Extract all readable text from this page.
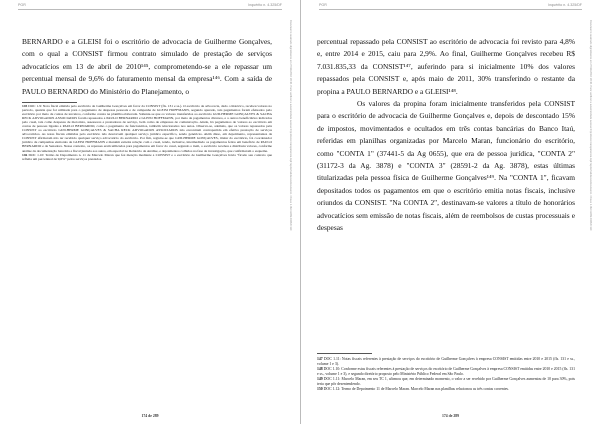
PGR	Inquérito n. 4.325/DF

BERNARDO e a GLEISI foi o escritório de advocacia de Guilherme Gonçalves, com o qual a CONSIST firmou contrato simulado de prestação de serviços advocatícios em 13 de abril de 2010¹⁴⁵, comprometendo-se a ele repassar um percentual mensal de 9,6% do faturamento mensal da empresa¹⁴⁶. Com a saída de PAULO BERNARDO do Ministério do Planejamento, o

145 DOC 1.9: Nota fiscal emitida pelo escritório de Guilherme Gonçalves em favor da CONSIST (fls. 131 e ss.). O escritório de advocacia, dado o histórico, recebeu valores no período, quantia que foi utilizada para o pagamento de despesas pessoais e de campanha de GLEISI HOFFMANN, segundo apurado, tais pagamentos foram efetuados pelo escritório por meio de contas de terceiros, conforme consta na planilha elaborada. Saliente-se que os valores transferidos ao escritório GUILHERME GONÇALVES & SACHA RECK ADVOGADOS ASSOCIADOS foram repassados a PAULO BERNARDO e GLEISI HOFFMANN, por meio de pagamentos diversos, e a outros beneficiários indicados pelo casal, tais como despesas de motorista, assessores e prestadores de serviço, bem como de empresas de comunicação. Ainda, há pagamentos de valores ao escritório em contas de pessoas ligadas a PAULO BERNARDO, como o pagamento de funcionários, também relacionados nos autos. Observe-se, ademais, que os valores repassados pela CONSIST ao escritório GUILHERME GONÇALVES & SACHA RECK ADVOGADOS ASSOCIADOS não encontram contrapartida em efetiva prestação de serviços advocatícios. As notas fiscais emitidas pelo escritório não descrevem qualquer serviço jurídico específico, sendo genéricas. Além disso, em depoimento, representantes da CONSIST afirmaram não ter recebido qualquer serviço advocatício do escritório. Por fim, registre-se que GUILHERME GONÇALVES, titular do escritório, foi coordenador jurídico de campanhas eleitorais de GLEISI HOFFMANN e mantém estreita relação com o casal, tendo, inclusive, intermediado os pagamentos feitos em benefício de PAULO BERNARDO e da Senadora. Nesse contexto, os repasses eram utilizados para pagamentos em favor do casal, segundo o item, o escritório recebeu e distribuiu valores, conforme análise da documentação bancária e fiscal juntada aos autos, em especial no Relatório de Análise, e depoimentos colhidos na fase de investigação, que confirmaram o esquema.

146 DOC 1.10: Termo de Depoimento n. 11 de Marcelo Maran que fez menção mediante a CONSIST e o escritório de Guilherme Gonçalves havia "ficado seu contrato que refletia um percentual de 9,6%" pelos serviços prestados.	Documento assinado digitalmente em 07/11/2016 18:46. Para verificar a autenticidade acesse http://www.transparencia.mpf.mp.br/validacaodocumento. Chave 1.0EC3A8E.D3B2C11F
174 de 289
PGR	Inquérito n. 4.325/DF

percentual repassado pela CONSIST ao escritório de advocacia foi revisto para 4,8% e, entre 2014 e 2015, caiu para 2,9%. Ao final, Guilherme Gonçalves recebeu R$ 7.031.835,33 da CONSIST¹⁴⁷, auferindo para si inicialmente 10% dos valores repassados pela CONSIST e, após maio de 2011, 30% transferindo o restante da propina a PAULO BERNARDO e a GLEISI¹⁴⁸.

Os valores da propina foram inicialmente transferidos pela CONSIST para o escritório de advocacia de Guilherme Gonçalves e, depois de descontado 15% de impostos, movimentados e ocultados em três contas bancárias do Banco Itaú, referidas em planilhas organizadas por Marcelo Maran, funcionário do escritório, como "CONTA 1" (37441-5 da Ag 0655), que era de pessoa jurídica, "CONTA 2" (31172-3 da Ag. 3878) e "CONTA 3" (28591-2 da Ag. 3878), estas últimas titularizadas pela pessoa física de Guilherme Gonçalves¹⁴⁹. Na "CONTA 1", ficavam depositados todos os pagamentos em que o escritório emitia notas fiscais, inclusive oriundos da CONSIST. "Na CONTA 2", destinavam-se valores a título de honorários advocatícios sem emissão de notas fiscais, além de reembolsos de custas processuais e despesas

147 DOC 1.11: Notas fiscais referentes à prestação de serviços do escritório de Guilherme Gonçalves à empresa CONSIST emitidas entre 2010 e 2015 (fls. 131 e ss., volume 1 e 3).

148 DOC 1.10: Conforme estas fiscais referentes à prestação de serviços do escritório de Guilherme Gonçalves à empresa CONSIST emitidas entre 2010 e 2015 (fls. 131 e ss., volume 1 e 3), e segundo diretório proposto pelo Ministério Público Federal em São Paulo.

149 DOC 1.11: Marcelo Maran, em seu TC 1, afirmou que, em determinado momento, o valor a ser recebido por Guilherme Gonçalves aumentou de 10 para 30%, pois teria que pôr desentendendo.

150 DOC 1.12: Termo de Depoimento 11 de Marcelo Maran. Marcelo Maran nas planilhas relacionou as três contas correntes.

Documento assinado digitalmente em 07/11/2016 18:46. Para verificar a autenticidade acesse http://www.transparencia.mpf.mp.br/validacaodocumento. Chave 1.0EC3A8E.D3B2C11F
174 de 289
